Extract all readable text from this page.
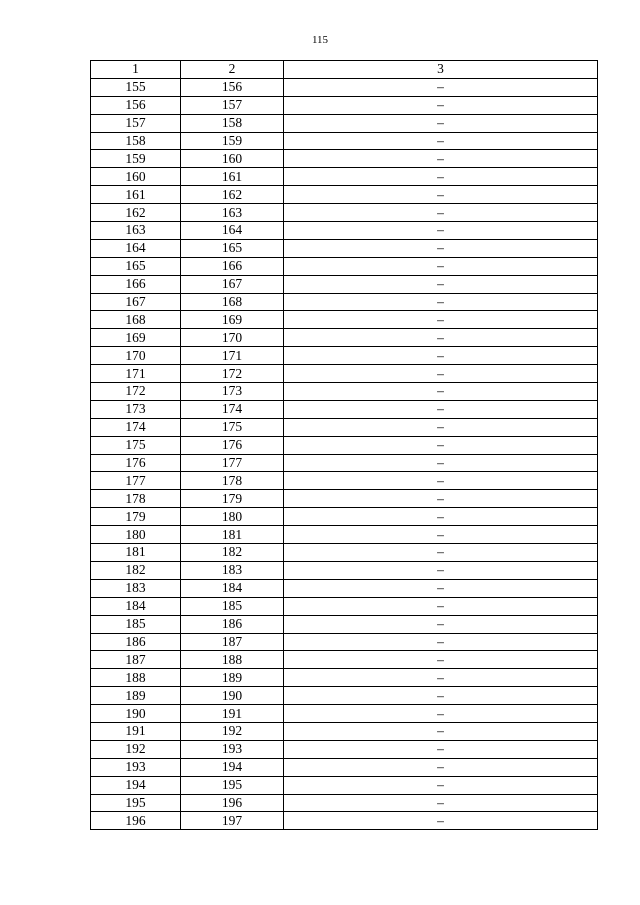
115
1	2	3
155	156	–
156	157	–
157	158	–
158	159	–
159	160	–
160	161	–
161	162	–
162	163	–
163	164	–
164	165	–
165	166	–
166	167	–
167	168	–
168	169	–
169	170	–
170	171	–
171	172	–
172	173	–
173	174	–
174	175	–
175	176	–
176	177	–
177	178	–
178	179	–
179	180	–
180	181	–
181	182	–
182	183	–
183	184	–
184	185	–
185	186	–
186	187	–
187	188	–
188	189	–
189	190	–
190	191	–
191	192	–
192	193	–
193	194	–
194	195	–
195	196	–
196	197	–
